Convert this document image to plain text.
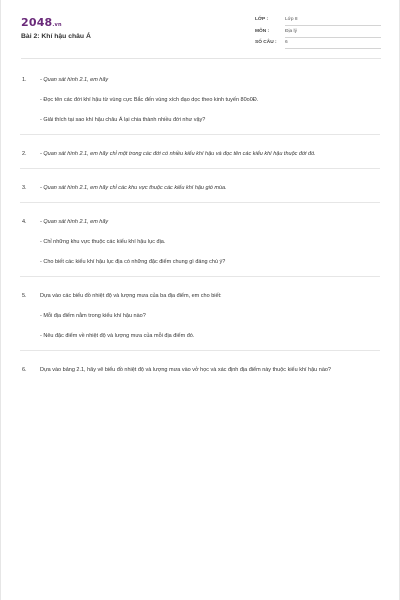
2048.vn
Bài 2: Khí hậu châu Á
LỚP :	Lớp 8
MÔN :	Địa lý
SỐ CÂU : 6
1. - Quan sát hình 2.1, em hãy
- Đọc tên các đới khí hậu từ vùng cực Bắc đến vùng xích đạo dọc theo kinh tuyến 80o0Đ.
- Giải thích tại sao khí hậu châu Á lại chia thành nhiều đới như vậy?
2. - Quan sát hình 2.1, em hãy chỉ một trong các đới có nhiều kiểu khí hậu và đọc tên các kiểu khí hậu thuộc đới đó.
3. - Quan sát hình 2.1, em hãy chỉ các khu vực thuộc các kiểu khí hậu gió mùa.
4. - Quan sát hình 2.1, em hãy
- Chỉ những khu vực thuộc các kiểu khí hậu lục địa.
- Cho biết các kiểu khí hậu lục địa có những đặc điểm chung gì đáng chú ý?
5. Dựa vào các biểu đồ nhiệt độ và lượng mưa của ba địa điểm, em cho biết:
- Mỗi địa điểm nằm trong kiểu khí hậu nào?
- Nêu đặc điểm về nhiệt độ và lượng mưa của mỗi địa điểm đó.
6. Dựa vào bảng 2.1, hãy vẽ biểu đồ nhiệt độ và lượng mưa vào vở học và xác định địa điểm này thuộc kiểu khí hậu nào?
